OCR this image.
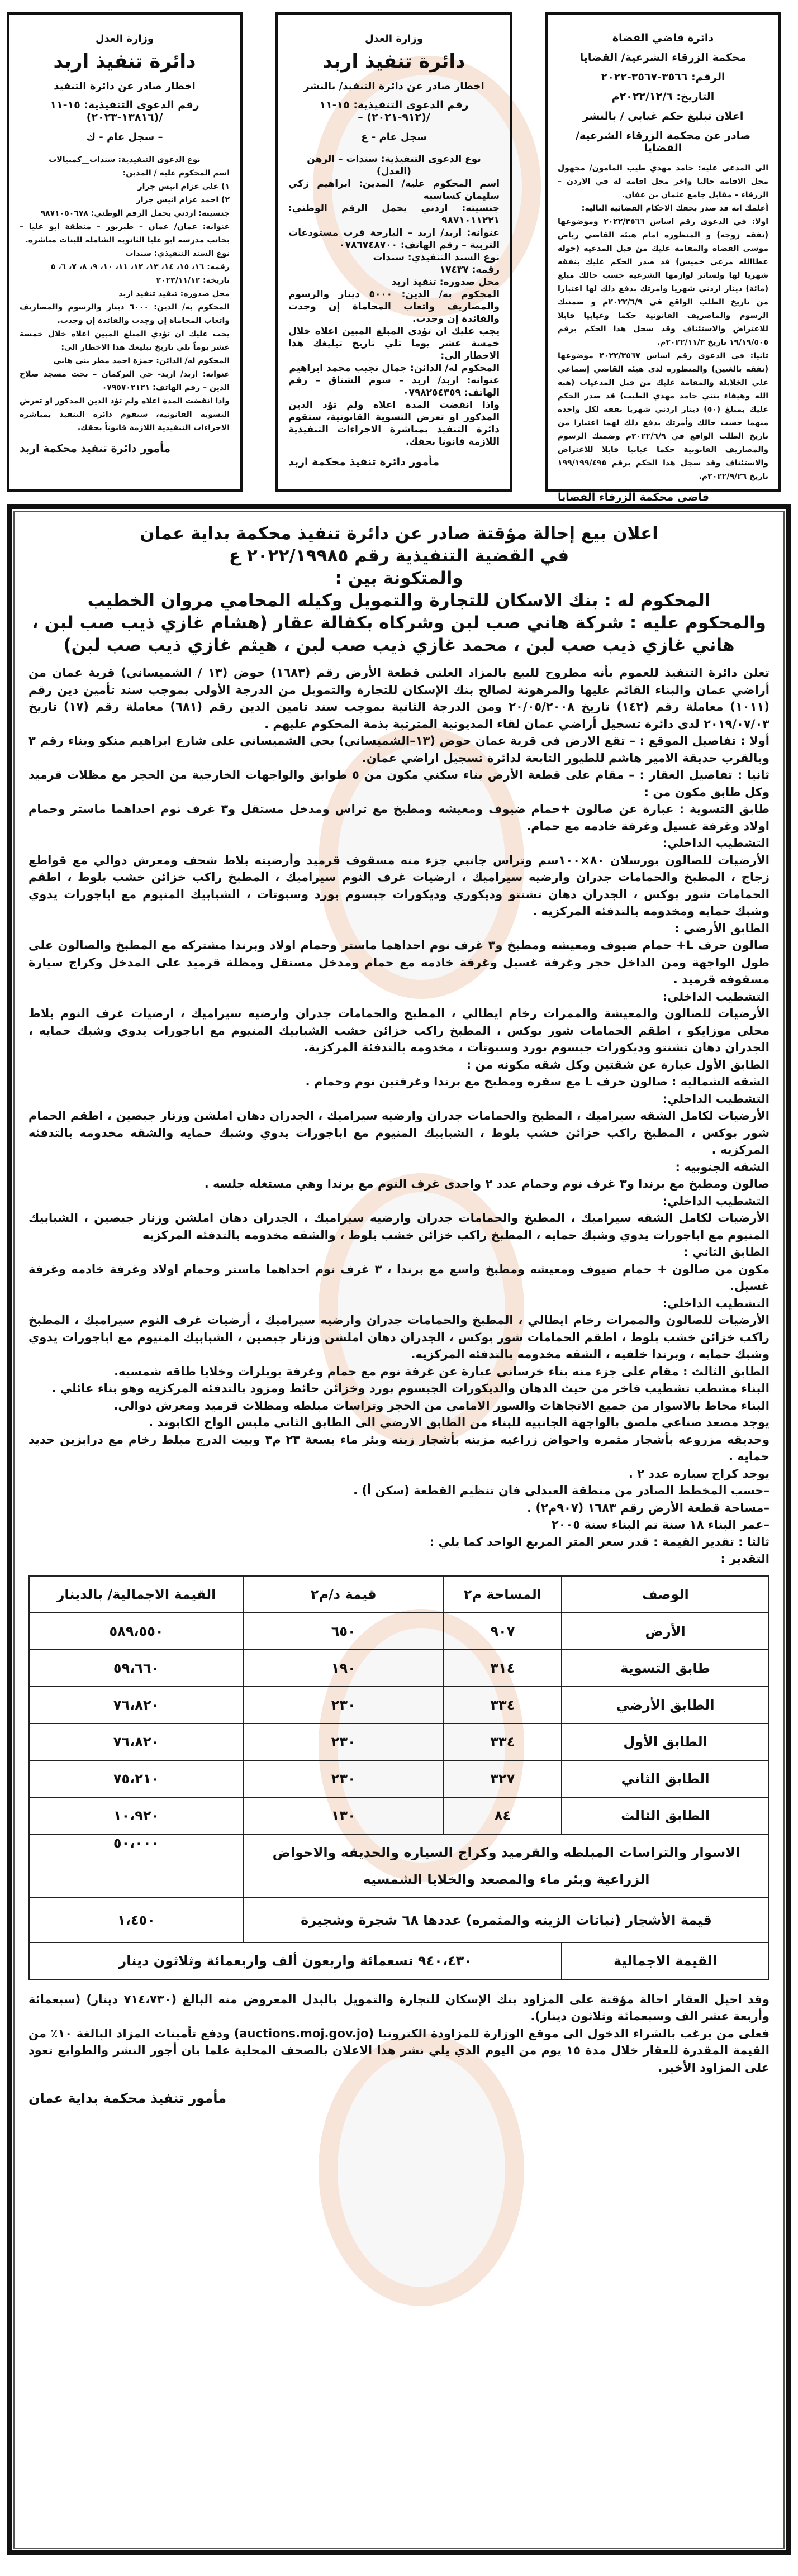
وزارة العدل
دائرة تنفيذ اربد
اخطار صادر عن دائرة التنفيذ
رقم الدعوى التنفيذية: ١٥-١١ /(١٣٨١٦-٢٠٢٣)
– سجل عام - ك
نوع الدعوى التنفيذية: سندات__كمبيالات
اسم المحكوم عليه / المدين:
١) علي عزام انيس جرار
٢) احمد عزام انيس جرار
جنسيته: اردني يحمل الرقم الوطني: ٩٨٧١٠٥٠٦٧٨
عنوانه: عمان/ عمان – طبربور – منطقة ابو عليا – بجانب مدرسة ابو عليا الثانوية الشاملة للبنات مباشرة.
نوع السند التنفيذي: سندات
رقمه: ١٦، ١٥، ١٤، ١٣، ١٢، ١١، ١٠، ٩، ٨، ٧، ٦، ٥
تاريخه: ٢٠٢٣/١١/١٢
محل صدوره: تنفيذ تنفيذ اربد
المحكوم به/ الدين: ٦٠٠٠ دينار والرسوم والمصاريف واتعاب المحاماة إن وجدت والفائدة إن وجدت.
يجب عليك ان تؤدي المبلغ المبين اعلاه خلال خمسة عشر يوماً تلي تاريخ تبليغك هذا الاخطار الى:
المحكوم له/ الدائن: حمزة احمد مطر بني هاني
عنوانه: اربد/ اربد- حي التركمان – تحت مسجد صلاح الدين – رقم الهاتف: ٠٧٩٥٧٠٢١٢١
واذا انقضت المدة اعلاه ولم تؤد الدين المذكور او تعرض التسوية القانونية، ستقوم دائرة التنفيذ بمباشرة الاجراءات التنفيذية اللازمة قانوناً بحقك.
مأمور دائرة تنفيذ محكمة اربد
وزارة العدل
دائرة تنفيذ اربد
اخطار صادر عن دائرة التنفيذ/ بالنشر
رقم الدعوى التنفيذية: ١٥-١١ /(٩١٢-٢٠٢١) –
سجل عام - ع
نوع الدعوى التنفيذية: سندات – الرهن (العدل)
اسم المحكوم عليه/ المدين: ابراهيم زكي سليمان كساسبه
جنسيته: اردني يحمل الرقم الوطني: ٩٨٧١٠١١٢٢١
عنوانه: اربد/ اربد – البارحة قرب مستودعات التربية – رقم الهاتف: ٠٧٨٦٧٤٨٧٠٠
نوع السند التنفيذي: سندات
رقمه: ١٧٤٣٧
محل صدوره: تنفيذ اربد
المحكوم به/ الدين: ٥٠٠٠ دينار والرسوم والمصاريف واتعاب المحاماة إن وجدت والفائدة إن وجدت.
يجب عليك ان تؤدي المبلغ المبين اعلاه خلال خمسة عشر يوما تلي تاريخ تبليغك هذا الاخطار الى:
المحكوم له/ الدائن: جمال نجيب محمد ابراهيم
عنوانه: اربد/ اربد – سوم الشناق – رقم الهاتف: ٠٧٩٨٢٥٤٣٥٩
واذا انقضت المدة اعلاه ولم تؤد الدين المذكور او تعرض التسوية القانونية، ستقوم دائرة التنفيذ بمباشرة الاجراءات التنفيذية اللازمة قانونا بحقك.
مأمور دائرة تنفيذ محكمة اربد
دائرة قاضي القضاة
محكمة الزرقاء الشرعية/ القضايا
الرقم: ٣٥٦٦-٣٥٦٧-٢٠٢٢
التاريخ: ٢٠٢٢/١٢/٦م
اعلان تبليغ حكم غيابي / بالنشر
صادر عن محكمة الزرقاء الشرعية/ القضايا
الى المدعى عليه: حامد مهدي طيب المامون/ مجهول محل الاقامة حاليا واخر محل اقامة له في الاردن – الزرقاء – مقابل جامع عثمان بن عفان.
أعلمك انه قد صدر بحقك الاحكام القضائيه التالية:
اولا: في الدعوى رقم اساس ٢٠٢٢/٣٥٦٦ وموضوعها (نفقة زوجه) و المنظوره امام هيئة القاضي رياض موسى القضاة والمقامه عليك من قبل المدعية (خوله عطاالله مرعي خميس) قد صدر الحكم عليك بنفقه شهريا لها ولسائر لوازمها الشرعية حسب حالك مبلغ (مائة) دينار اردني شهريا وامرتك بدفع ذلك لها اعتبارا من تاريخ الطلب الواقع في ٢٠٢٢/٦/٩م و ضمنتك الرسوم والماصريف القانونية حكما وغيابيا قابلا للاعتراض والاستئناف وقد سجل هذا الحكم برقم ١٩/١٩/٥٠٥ تاريخ ٢٠٢٢/١١/٣م.
ثانيا: في الدعوى رقم اساس ٢٠٢٢/٣٥٦٧ موضوعها (نفقة بالغتين) والمنظورة لدى هيئة القاضي إسماعي علي الخلايلة والمقامة عليك من قبل المدعيات (هبه الله وهيفاء بنتي حامد مهدي الطيب) قد صدر الحكم عليك بمبلغ (٥٠) دينار اردني شهريا نفقة لكل واحدة منهما حسب حالك وأمرتك بدفع ذلك لهما اعتبارا من تاريخ الطلب الواقع في ٢٠٢٢/٦/٩م وضمنك الرسوم والمصاريف القانونية حكما غيابيا قابلا للاعتراض والاستئناف وقد سجل هذا الحكم برقم ١٩٩/١٩٩/٤٩٥ تاريخ ٢٠٢٢/٩/٢٦م.
قاضي محكمة الزرقاء القضايا
اعلان بيع إحالة مؤقتة صادر عن دائرة تنفيذ محكمة بداية عمان
في القضية التنفيذية رقم ٢٠٢٢/١٩٩٨٥ ع
والمتكونة بين :
المحكوم له : بنك الاسكان للتجارة والتمويل وكيله المحامي مروان الخطيب
والمحكوم عليه : شركة هاني صب لبن وشركاه بكفالة عقار (هشام غازي ذيب صب لبن ، هاني غازي ذيب صب لبن ، محمد غازي ذيب صب لبن ، هيثم غازي ذيب صب لبن)

تعلن دائرة التنفيذ للعموم بأنه مطروح للبيع بالمزاد العلني قطعة الأرض رقم (١٦٨٣) حوض (١٣ / الشميساني) قرية عمان من أراضي عمان والبناء القائم عليها والمرهونة لصالح بنك الإسكان للتجارة والتمويل من الدرجة الأولى بموجب سند تأمين دين رقم (١٠١١) معاملة رقم (١٤٢) تاريخ ٢٠/٠٥/٢٠٠٨ ومن الدرجة الثانية بموجب سند تامين الدين رقم (٦٨١) معاملة رقم (١٧) تاريخ ٢٠١٩/٠٧/٠٣ لدى دائرة تسجيل أراضي عمان لقاء المديونية المترتبة بذمة المحكوم عليهم .

أولا : تفاصيل الموقع : – تقع الارض في قرية عمان حوض (١٣–الشميساني) بحي الشميساني على شارع ابراهيم منكو وبناء رقم ٣ وبالقرب حديقة الامير هاشم للطيور التابعة لدائرة تسجيل اراضي عمان.

ثانيا : تفاصيل العقار : – مقام على قطعة الأرض بناء سكني مكون من ٥ طوابق والواجهات الخارجية من الحجر مع مظلات قرميد وكل طابق مكون من :

طابق التسوية : عبارة عن صالون +حمام ضيوف ومعيشه ومطبخ مع تراس ومدخل مستقل و٣ غرف نوم احداهما ماستر وحمام اولاد وغرفة غسيل وغرفة خادمه مع حمام.

التشطيب الداخلي:

الأرضيات للصالون بورسلان ٨٠×١٠٠سم وتراس جانبي جزء منه مسقوف قرميد وأرضيته بلاط شحف ومعرش دوالي مع قواطع زجاج ، المطبخ والحمامات جدران وارضيه سيراميك ، ارضيات غرف النوم سيراميك ، المطبخ راكب خزائن خشب بلوط ، اطقم الحمامات شور بوكس ، الجدران دهان تشنتو وديكوري وديكورات جبسوم بورد وسبوتات ، الشبابيك المنيوم مع اباجورات يدوي وشبك حمايه ومخدومه بالتدفئه المركزيه .

الطابق الأرضي :

صالون حرف L+ حمام ضيوف ومعيشه ومطبخ و٣ غرف نوم احداهما ماستر وحمام اولاد وبرندا مشتركه مع المطبخ والصالون على طول الواجهة ومن الداخل حجر وغرفة غسيل وغرفة خادمه مع حمام ومدخل مستقل ومظلة قرميد على المدخل وكراج سيارة مسقوفه قرميد .

التشطيب الداخلي:

الأرضيات للصالون والمعيشة والممرات رخام ايطالي ، المطبخ والحمامات جدران وارضيه سيراميك ، ارضيات غرف النوم بلاط محلي موزايكو ، اطقم الحمامات شور بوكس ، المطبخ راكب خزائن خشب الشبابيك المنيوم مع اباجورات يدوي وشبك حمايه ، الجدران دهان تشنتو وديكورات جبسوم بورد وسبوتات ، مخدومه بالتدفئة المركزية.

الطابق الأول عبارة عن شقتين وكل شقه مكونه من :

الشقه الشماليه : صالون حرف L مع سفره ومطبخ مع برندا وغرفتين نوم وحمام .

التشطيب الداخلي:

الأرضيات لكامل الشقه سيراميك ، المطبخ والحمامات جدران وارضيه سيراميك ، الجدران دهان املشن وزنار جبصين ، اطقم الحمام شور بوكس ، المطبخ راكب خزائن خشب بلوط ، الشبابيك المنيوم مع اباجورات يدوي وشبك حمايه والشقه مخدومه بالتدفئه المركزيه .

الشقه الجنوبيه :

صالون ومطبخ مع برندا و٣ غرف نوم وحمام عدد ٢ واحدى غرف النوم مع برندا وهي مستغله جلسه .

التشطيب الداخلي:

الأرضيات لكامل الشقه سيراميك ، المطبخ والحمامات جدران وارضيه سيراميك ، الجدران دهان املشن وزنار جبصين ، الشبابيك المنيوم مع اباجورات يدوي وشبك حمايه ، المطبخ راكب خزائن خشب بلوط ، والشقه مخدومه بالتدفئه المركزيه

الطابق الثاني :

مكون من صالون + حمام ضيوف ومعيشه ومطبخ واسع مع برندا ، ٣ غرف نوم احداهما ماستر وحمام اولاد وغرفة خادمه وغرفة غسيل.

التشطيب الداخلي:

الأرضيات للصالون والممرات رخام ايطالي ، المطبخ والحمامات جدران وارضيه سيراميك ، أرضيات غرف النوم سيراميك ، المطبخ راكب خزائن خشب بلوط ، اطقم الحمامات شور بوكس ، الجدران دهان املشن وزنار جبصين ، الشبابيك المنيوم مع اباجورات يدوي وشبك حمايه ، وبرندا خلفيه ، الشقه مخدومه بالتدفئه المركزيه.

الطابق الثالث : مقام على جزء منه بناء خرساني عبارة عن غرفة نوم مع حمام وغرفة بويلرات وخلايا طاقه شمسيه.

البناء مشطب تشطيب فاخر من حيث الدهان والديكورات الجبسوم بورد وخزائن حائط ومزود بالتدفئه المركزيه وهو بناء عائلي .

البناء محاط بالاسوار من جميع الاتجاهات والسور الامامي من الحجر وتراسات مبلطه ومظلات قرميد ومعرش دوالي.

يوجد مصعد صناعي ملصق بالواجهة الجانبيه للبناء من الطابق الارضي الى الطابق الثاني ملبس الواح الكابوند .

وحديقه مزروعه بأشجار مثمره واحواض زراعيه مزينه بأشجار زينه وبئر ماء بسعة ٢٣ م٣ وبيت الدرج مبلط رخام مع درابزين حديد حمايه .

يوجد كراج سياره عدد ٢ .

–حسب المخطط الصادر من منطقة العبدلي فان تنظيم القطعة (سكن أ) .

–مساحة قطعة الأرض رقم ١٦٨٣ (٩٠٧م٢) .

–عمر البناء ١٨ سنة تم البناء سنة ٢٠٠٥

ثالثا : تقدير القيمة : قدر سعر المتر المربع الواحد كما يلي :

التقدير :

الوصف	المساحة م٢	قيمة د/م٢	القيمة الاجمالية/ بالدينار
الأرض	٩٠٧	٦٥٠	٥٨٩،٥٥٠
طابق التسوية	٣١٤	١٩٠	٥٩،٦٦٠
الطابق الأرضي	٣٣٤	٢٣٠	٧٦،٨٢٠
الطابق الأول	٣٣٤	٢٣٠	٧٦،٨٢٠
الطابق الثاني	٣٢٧	٢٣٠	٧٥،٢١٠
الطابق الثالث	٨٤	١٣٠	١٠،٩٢٠
الاسوار والتراسات المبلطه والقرميد وكراج السياره والحديقه والاحواض الزراعية وبئر ماء والمصعد والخلايا الشمسيه			٥٠،٠٠٠
قيمة الأشجار (نباتات الزينه والمثمره) عددها ٦٨ شجرة وشجيرة			١،٤٥٠
القيمة الاجمالية	٩٤٠،٤٣٠ تسعمائة واربعون ألف واربعمائة وثلاثون دينار		

وقد احيل العقار احالة مؤقتة على المزاود بنك الإسكان للتجارة والتمويل بالبدل المعروض منه البالغ (٧١٤،٧٣٠ دينار) (سبعمائة وأربعة عشر الف وسبعمائة وثلاثون دينار).

فعلى من يرغب بالشراء الدخول الى موقع الوزارة للمزاودة الكترونيا (auctions.moj.gov.jo) ودفع تأمينات المزاد البالغة ١٠٪ من القيمة المقدرة للعقار خلال مدة ١٥ يوم من اليوم الذي يلي نشر هذا الاعلان بالصحف المحلية علما بان أجور النشر والطوابع تعود على المزاود الأخير.

مأمور تنفيذ محكمة بداية عمان
